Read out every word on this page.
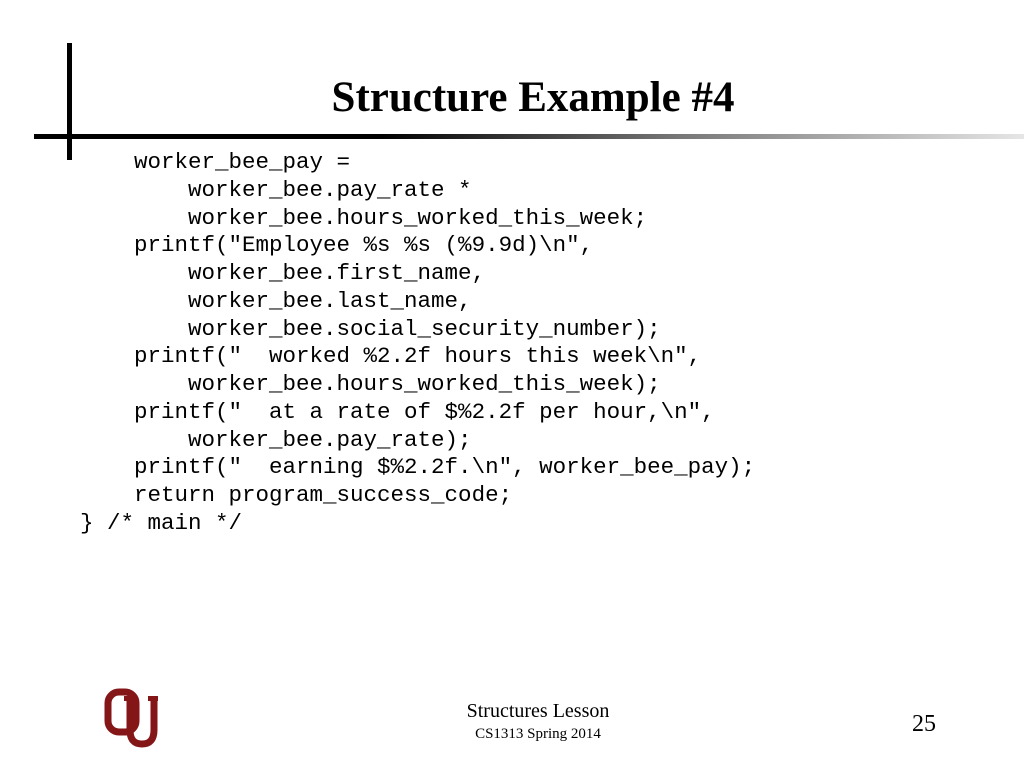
Structure Example #4
worker_bee_pay =
worker_bee.pay_rate *
worker_bee.hours_worked_this_week;
printf("Employee %s %s (%9.9d)\n",
worker_bee.first_name,
worker_bee.last_name,
worker_bee.social_security_number);
printf("  worked %2.2f hours this week\n",
worker_bee.hours_worked_this_week);
printf("  at a rate of $%2.2f per hour,\n",
worker_bee.pay_rate);
printf("  earning $%2.2f.\n", worker_bee_pay);
return program_success_code;
} /* main */
Structures Lesson
CS1313 Spring 2014	25
